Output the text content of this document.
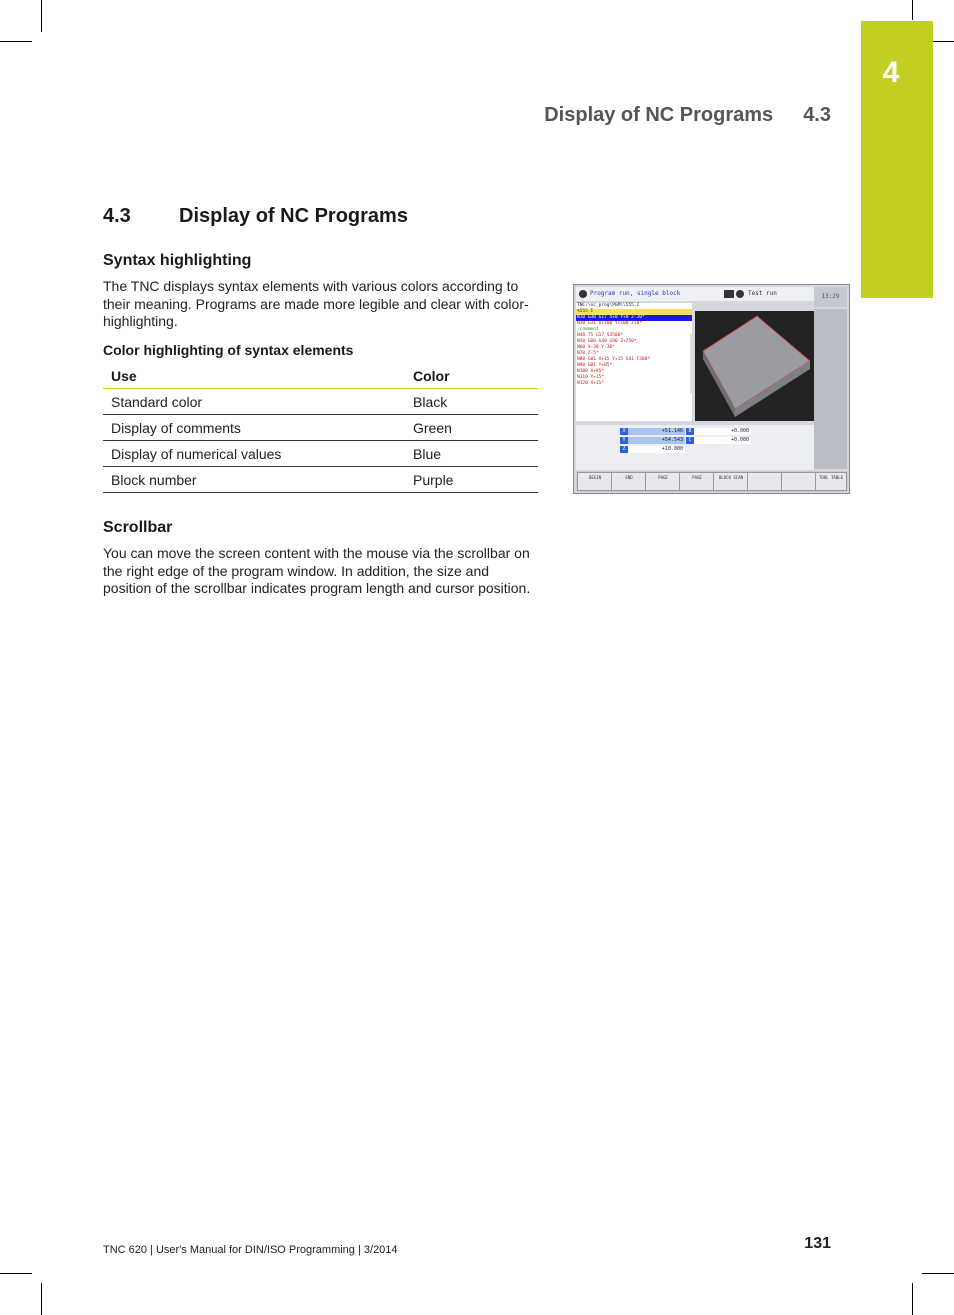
4
Display of NC Programs 4.3
4.3 Display of NC Programs
Syntax highlighting

The TNC displays syntax elements with various colors according to their meaning. Programs are made more legible and clear with color-highlighting.

Color highlighting of syntax elements
Use	Color
Standard color	Black
Display of comments	Green
Display of numerical values	Blue
Block number	Purple
Scrollbar

You can move the screen content with the mouse via the scrollbar on the right edge of the program window. In addition, the size and position of the scrollbar indicates program length and cursor position.

Program run, single block	Test run	13:29
TNC:\nc_prog\PGM\\555.I
%555 I
N10 G30 G17 X+0 Y+0 Z-20*
N20 G31 X+100 Y+100 Z+0*
;comment
N40 T5 G17 S3500*
N50 G00 G40 G90 Z+250*
N60 X-30 Y-30*
N70 Z-5*
N80 G01 X+15 Y+15 G41 F300*
N90 G01 Y+85*
N100 X+85*
N110 Y+15*
N120 X+15*
X	+51.146
Y	+54.543
Z	+10.000
B	+0.000
C	+0.000
BEGIN	END	PAGE	PAGE	BLOCK SCAN	TOOL TABLE
TNC 620 | User's Manual for DIN/ISO Programming | 3/2014	131
